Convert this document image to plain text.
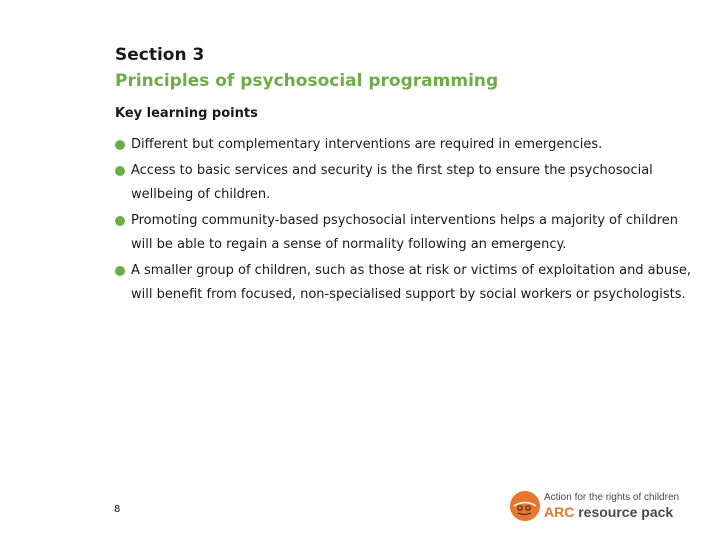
Section 3
Principles of psychosocial programming
Key learning points
Different but complementary interventions are required in emergencies.
Access to basic services and security is the first step to ensure the psychosocial wellbeing of children.
Promoting community-based psychosocial interventions helps a majority of children will be able to regain a sense of normality following an emergency.
A smaller group of children, such as those at risk or victims of exploitation and abuse, will benefit from focused, non-specialised support by social workers or psychologists.
8
Action for the rights of children
ARC resource pack
